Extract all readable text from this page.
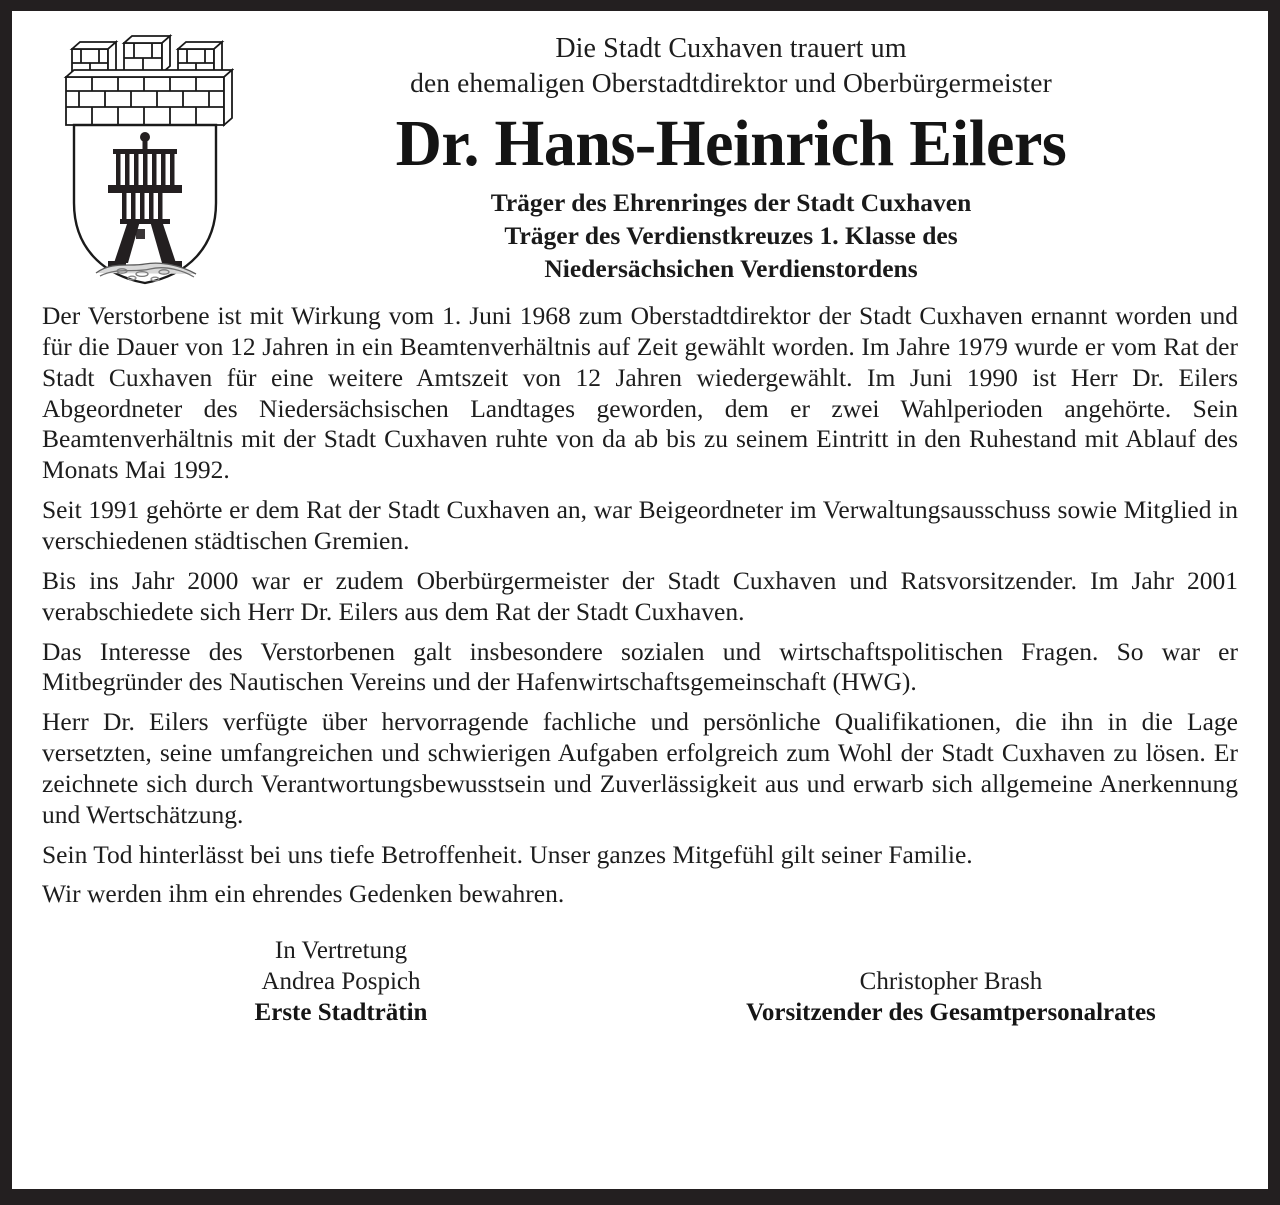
Die Stadt Cuxhaven trauert um
den ehemaligen Oberstadtdirektor und Oberbürgermeister
Dr. Hans-Heinrich Eilers
Träger des Ehrenringes der Stadt Cuxhaven
Träger des Verdienstkreuzes 1. Klasse des
Niedersächsichen Verdienstordens

Der Verstorbene ist mit Wirkung vom 1. Juni 1968 zum Oberstadtdirektor der Stadt Cuxhaven ernannt worden und für die Dauer von 12 Jahren in ein Beamtenverhältnis auf Zeit gewählt worden. Im Jahre 1979 wurde er vom Rat der Stadt Cuxhaven für eine weitere Amtszeit von 12 Jahren wiedergewählt. Im Juni 1990 ist Herr Dr. Eilers Abgeordneter des Niedersächsischen Landtages geworden, dem er zwei Wahlperioden angehörte. Sein Beamtenverhältnis mit der Stadt Cuxhaven ruhte von da ab bis zu seinem Eintritt in den Ruhestand mit Ablauf des Monats Mai 1992.

Seit 1991 gehörte er dem Rat der Stadt Cuxhaven an, war Beigeordneter im Verwaltungsausschuss sowie Mitglied in verschiedenen städtischen Gremien.

Bis ins Jahr 2000 war er zudem Oberbürgermeister der Stadt Cuxhaven und Ratsvorsitzender. Im Jahr 2001 verabschiedete sich Herr Dr. Eilers aus dem Rat der Stadt Cuxhaven.

Das Interesse des Verstorbenen galt insbesondere sozialen und wirtschaftspolitischen Fragen. So war er Mitbegründer des Nautischen Vereins und der Hafenwirtschaftsgemeinschaft (HWG).

Herr Dr. Eilers verfügte über hervorragende fachliche und persönliche Qualifikationen, die ihn in die Lage versetzten, seine umfangreichen und schwierigen Aufgaben erfolgreich zum Wohl der Stadt Cuxhaven zu lösen. Er zeichnete sich durch Verantwortungsbewusstsein und Zuverlässigkeit aus und erwarb sich allgemeine Anerkennung und Wertschätzung.

Sein Tod hinterlässt bei uns tiefe Betroffenheit. Unser ganzes Mitgefühl gilt seiner Familie.

Wir werden ihm ein ehrendes Gedenken bewahren.

In Vertretung
Andrea Pospich
Erste Stadträtin
Christopher Brash
Vorsitzender des Gesamtpersonalrates
